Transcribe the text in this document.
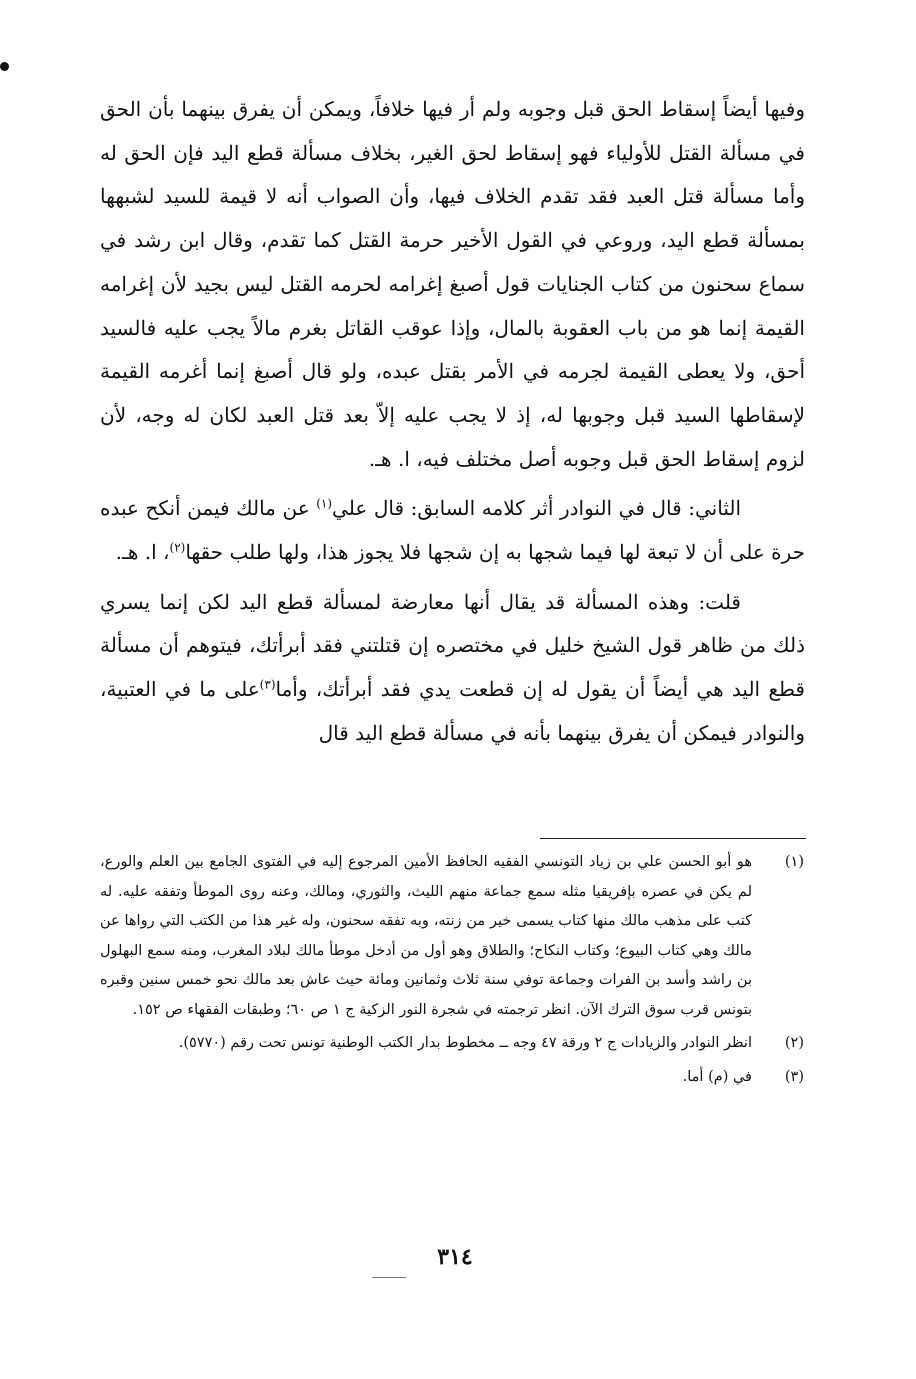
وفيها أيضاً إسقاط الحق قبل وجوبه ولم أر فيها خلافاً، ويمكن أن يفرق بينهما بأن الحق في مسألة القتل للأولياء فهو إسقاط لحق الغير، بخلاف مسألة قطع اليد فإن الحق له وأما مسألة قتل العبد فقد تقدم الخلاف فيها، وأن الصواب أنه لا قيمة للسيد لشبهها بمسألة قطع اليد، وروعي في القول الأخير حرمة القتل كما تقدم، وقال ابن رشد في سماع سحنون من كتاب الجنايات قول أصبغ إغرامه لحرمه القتل ليس بجيد لأن إغرامه القيمة إنما هو من باب العقوبة بالمال، وإذا عوقب القاتل بغرم مالاً يجب عليه فالسيد أحق، ولا يعطى القيمة لجرمه في الأمر بقتل عبده، ولو قال أصبغ إنما أغرمه القيمة لإسقاطها السيد قبل وجوبها له، إذ لا يجب عليه إلاّ بعد قتل العبد لكان له وجه، لأن لزوم إسقاط الحق قبل وجوبه أصل مختلف فيه، ا. هـ.

الثاني: قال في النوادر أثر كلامه السابق: قال علي$^{(١)}$ عن مالك فيمن أنكح عبده حرة على أن لا تبعة لها فيما شجها به إن شجها فلا يجوز هذا، ولها طلب حقها$^{(٢)}$، ا. هـ.

قلت: وهذه المسألة قد يقال أنها معارضة لمسألة قطع اليد لكن إنما يسري ذلك من ظاهر قول الشيخ خليل في مختصره إن قتلتني فقد أبرأتك، فيتوهم أن مسألة قطع اليد هي أيضاً أن يقول له إن قطعت يدي فقد أبرأتك، وأما$^{(٣)}$على ما في العتبية، والنوادر فيمكن أن يفرق بينهما بأنه في مسألة قطع اليد قال

(١)
هو أبو الحسن علي بن زياد التونسي الفقيه الحافظ الأمين المرجوع إليه في الفتوى الجامع بين العلم والورع، لم يكن في عصره بإفريقيا مثله سمع جماعة منهم الليث، والثوري، ومالك، وعنه روى الموطأ وتفقه عليه. له كتب على مذهب مالك منها كتاب يسمى خير من زنته، وبه تفقه سحنون، وله غير هذا من الكتب التي رواها عن مالك وهي كتاب البيوع؛ وكتاب النكاح؛ والطلاق وهو أول من أدخل موطأ مالك لبلاد المغرب، ومنه سمع البهلول بن راشد وأسد بن الفرات وجماعة توفي سنة ثلاث وثمانين ومائة حيث عاش بعد مالك نحو خمس سنين وقبره بتونس قرب سوق الترك الآن. انظر ترجمته في شجرة النور الزكية ج ١ ص ٦٠؛ وطبقات الفقهاء ص ١٥٢.
(٢)
انظر النوادر والزيادات ج ٢ ورقة ٤٧ وجه ــ مخطوط بدار الكتب الوطنية تونس تحت رقم (٥٧٧٠).
(٣)
في (م) أما.
٣١٤
